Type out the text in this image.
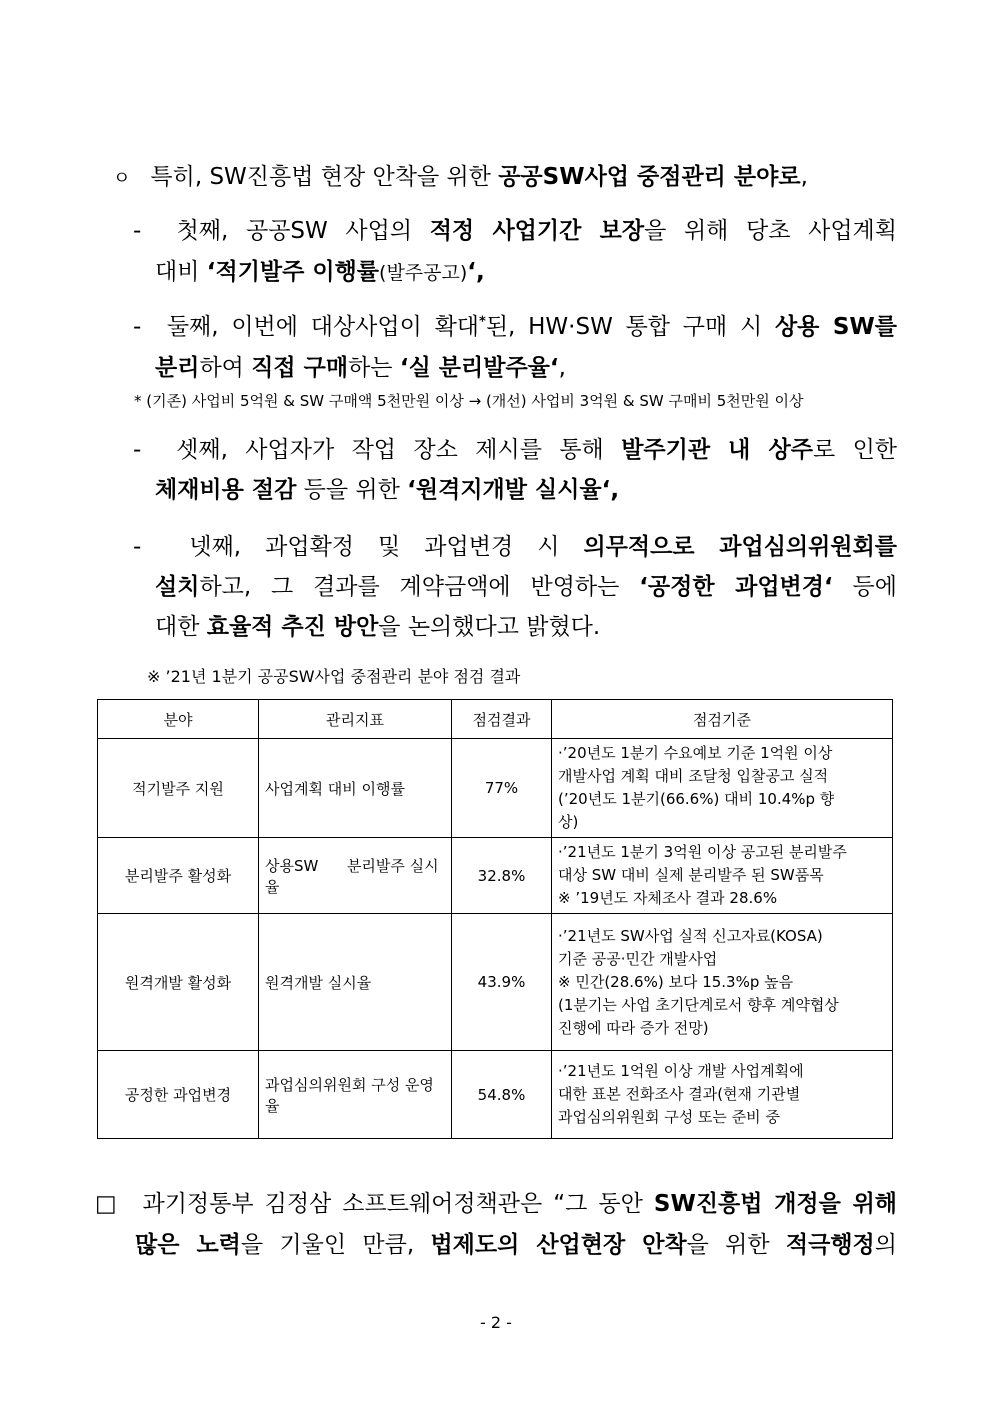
ㅇ 특히, SW진흥법 현장 안착을 위한 공공SW사업 중점관리 분야로,
- 첫째, 공공SW 사업의 적정 사업기간 보장을 위해 당초 사업계획
대비 ‘적기발주 이행률(발주공고)‘,
- 둘째, 이번에 대상사업이 확대*된, HW·SW 통합 구매 시 상용 SW를
분리하여 직접 구매하는 ‘실 분리발주율‘,
* (기존) 사업비 5억원 & SW 구매액 5천만원 이상 → (개선) 사업비 3억원 & SW 구매비 5천만원 이상
- 셋째, 사업자가 작업 장소 제시를 통해 발주기관 내 상주로 인한
체재비용 절감 등을 위한 ‘원격지개발 실시율‘,
- 넷째, 과업확정 및 과업변경 시 의무적으로 과업심의위원회를
설치하고, 그 결과를 계약금액에 반영하는 ‘공정한 과업변경‘ 등에
대한 효율적 추진 방안을 논의했다고 밝혔다.
※ ’21년 1분기 공공SW사업 중점관리 분야 점검 결과
분야	관리지표	점검결과	점검기준
적기발주 지원	사업계획 대비 이행률	77%	·’20년도 1분기 수요예보 기준 1억원 이상
개발사업 계획 대비 조달청 입찰공고 실적
(’20년도 1분기(66.6%) 대비 10.4%p 향
상)

분리발주 활성화	상용SW      분리발주 실시율	32.8%	·’21년도 1분기 3억원 이상 공고된 분리발주
대상 SW 대비 실제 분리발주 된 SW품목
※ ’19년도 자체조사 결과 28.6%

원격개발 활성화	원격개발 실시율	43.9%	·’21년도 SW사업 실적 신고자료(KOSA)
기준 공공·민간 개발사업
※ 민간(28.6%) 보다 15.3%p 높음
(1분기는 사업 초기단계로서 향후 계약협상
진행에 따라 증가 전망)

공정한 과업변경	과업심의위원회 구성 운영율	54.8%	·’21년도 1억원 이상 개발 사업계획에
대한 표본 전화조사 결과(현재 기관별
과업심의위원회 구성 또는 준비 중
□ 과기정통부 김정삼 소프트웨어정책관은 “그 동안 SW진흥법 개정을 위해
많은 노력을 기울인 만큼, 법제도의 산업현장 안착을 위한 적극행정의
- 2 -
